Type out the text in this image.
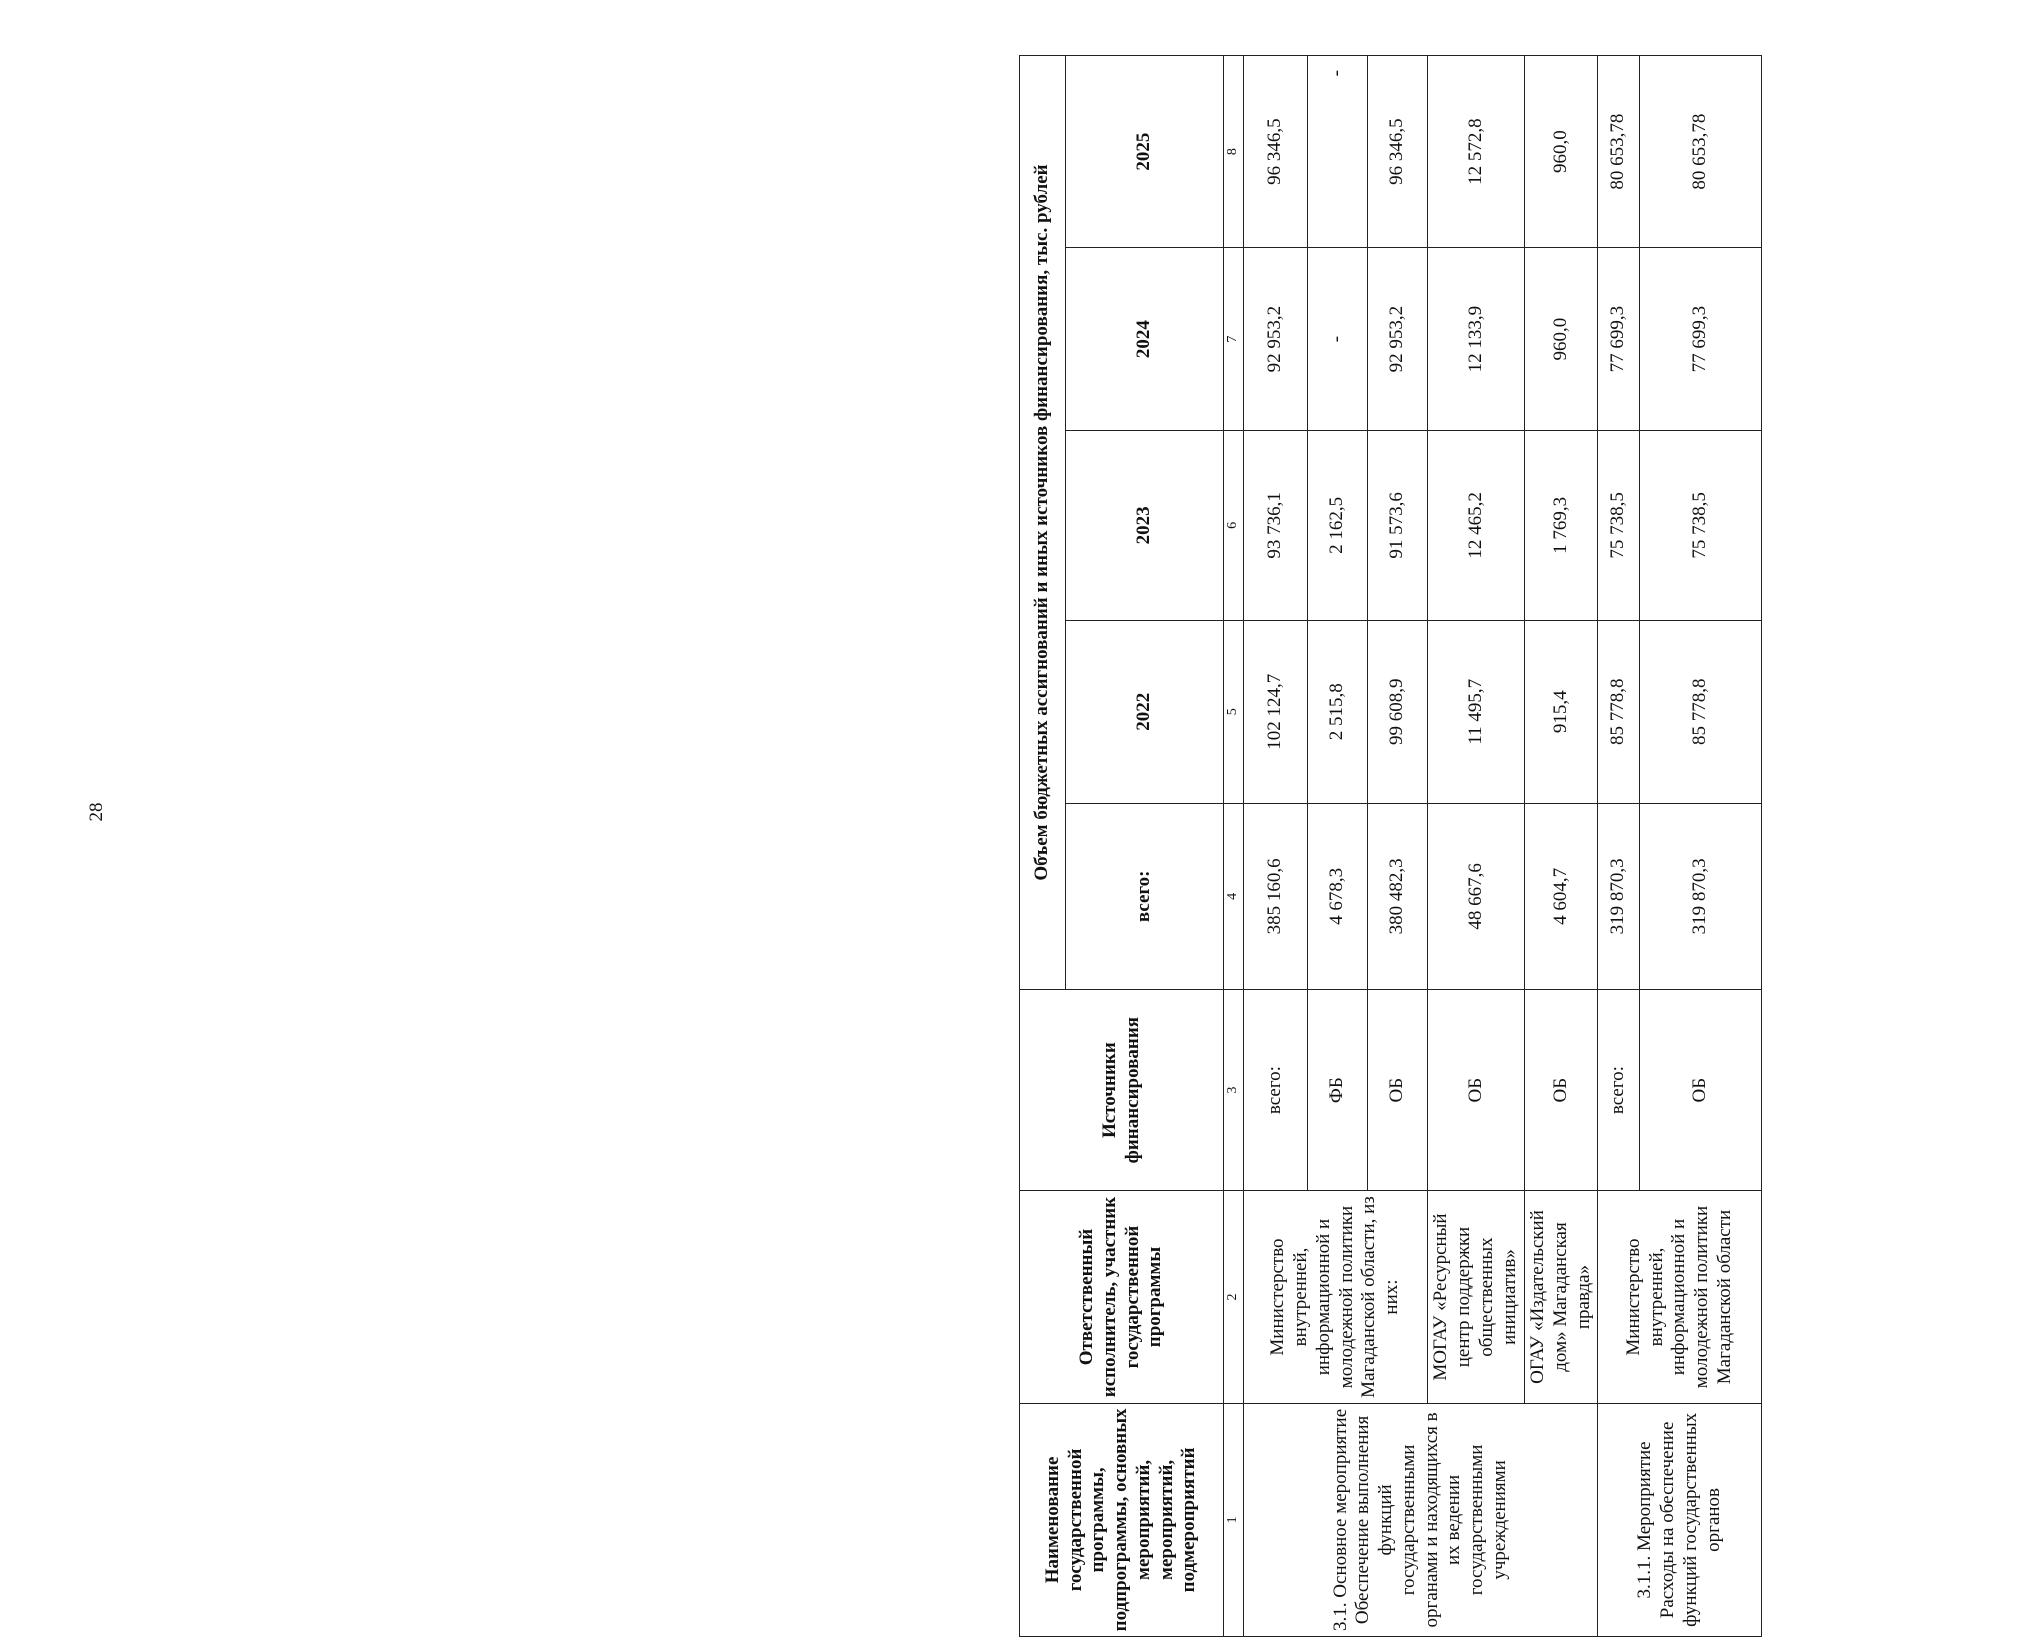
28
Наименование государственной программы, подпрограммы, основных мероприятий, мероприятий, подмероприятий	Ответственный исполнитель, участник государственной программы	Источники финансирования	Объем бюджетных ассигнований и иных источников финансирования, тыс. рублей				
			всего:	2022	2023	2024	2025
1	2	3	4	5	6	7	8
3.1. Основное мероприятие Обеспечение выполнения функций государственными органами и находящихся в их ведении государственными учреждениями	Министерство внутренней, информационной и молодежной политики Магаданской области, из них:	всего:	385 160,6	102 124,7	93 736,1	92 953,2	96 346,5
		ФБ	4 678,3	2 515,8	2 162,5	-	-
		ОБ	380 482,3	99 608,9	91 573,6	92 953,2	96 346,5
	МОГАУ «Ресурсный центр поддержки общественных инициатив»	ОБ	48 667,6	11 495,7	12 465,2	12 133,9	12 572,8
	ОГАУ «Издательский дом» Магаданская правда»	ОБ	4 604,7	915,4	1 769,3	960,0	960,0
3.1.1. Мероприятие Расходы на обеспечение функций государственных органов	Министерство внутренней, информационной и молодежной политики Магаданской области	всего:	319 870,3	85 778,8	75 738,5	77 699,3	80 653,78
		ОБ	319 870,3	85 778,8	75 738,5	77 699,3	80 653,78
